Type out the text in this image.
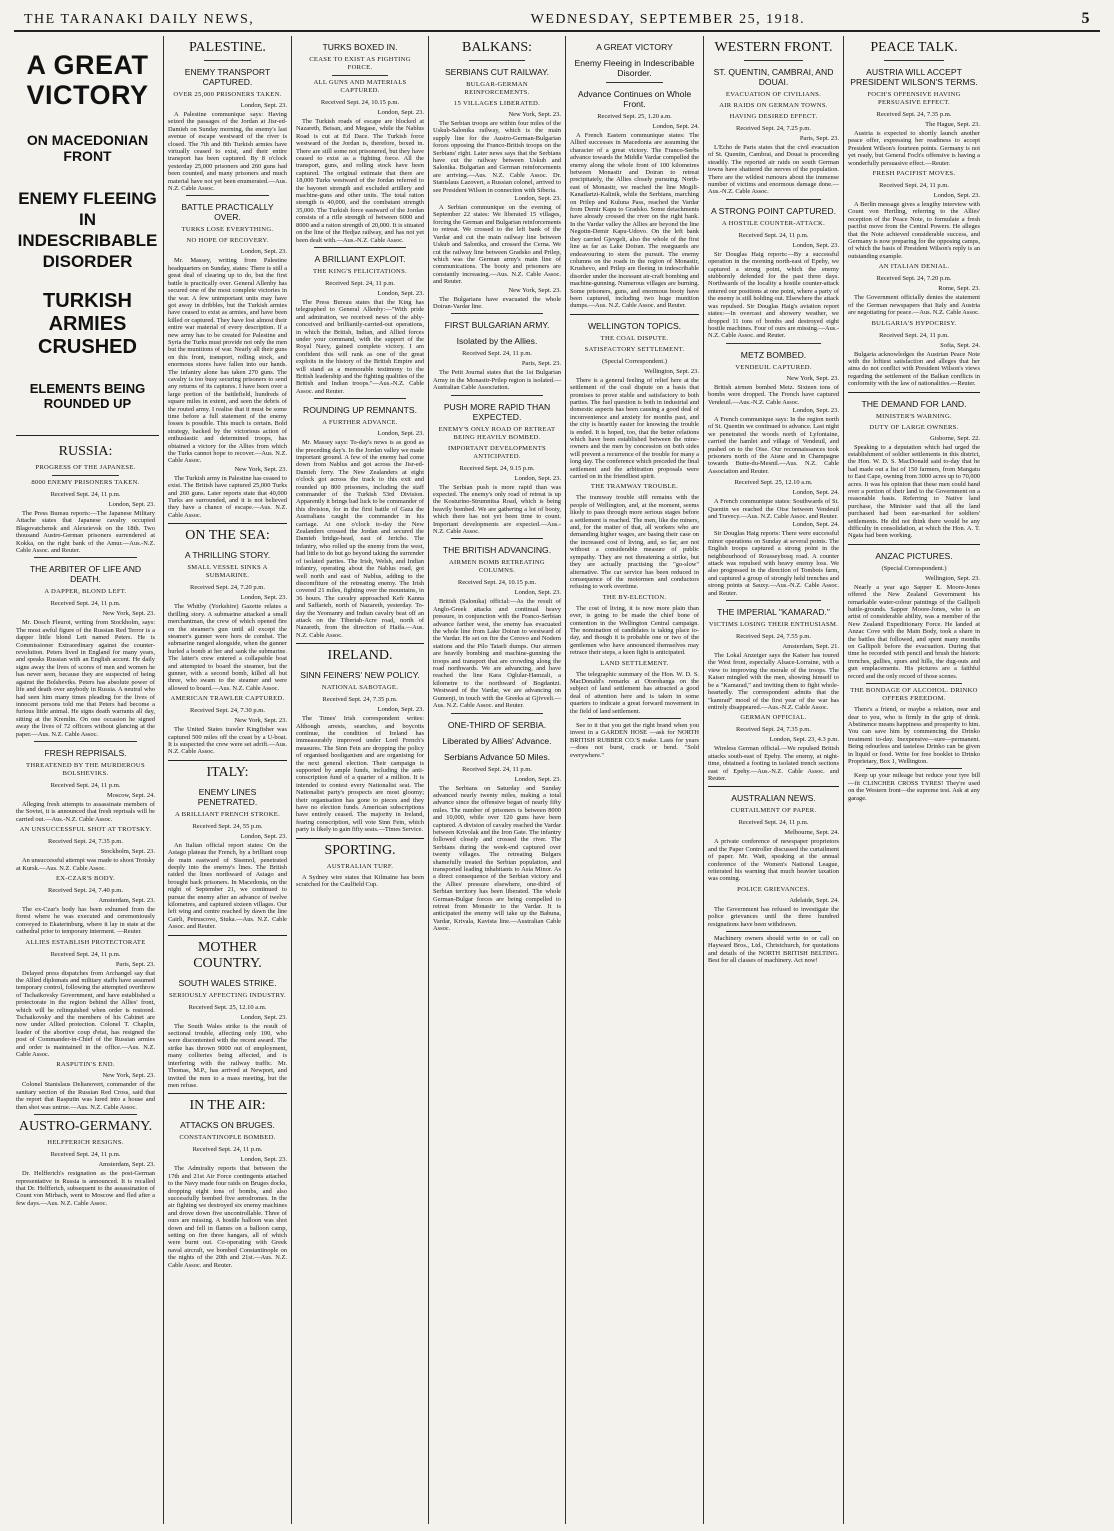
THE TARANAKI DAILY NEWS,	WEDNESDAY, SEPTEMBER 25, 1918.	5
A GREAT VICTORY
ON MACEDONIAN FRONT
ENEMY FLEEING IN INDESCRIBABLE DISORDER
TURKISH ARMIES CRUSHED
ELEMENTS BEING ROUNDED UP
RUSSIA:
PROGRESS OF THE JAPANESE.
8000 ENEMY PRISONERS TAKEN.
Received Sept. 24, 11 p.m.
London, Sept. 23.

The Press Bureau reports:—The Japanese Military Attache states that Japanese cavalry occupied Blagovatchensk and Alexeievsk on the 18th. Two thousand Austro-German prisoners surrendered at Kokka, on the right bank of the Amur.—Aus.-N.Z. Cable Assoc. and Reuter.

THE ARBITER OF LIFE AND DEATH.
A DAPPER, BLOND LEFT.
Received Sept. 24, 11 p.m.
New York, Sept. 23.

Mr. Dosch Fleurot, writing from Stockholm, says: The most awful figure of the Russian Red Terror is a dapper little blond Lett named Peters. He is Commissioner Extraordinary against the counter-revolution. Peters lived in England for many years, and speaks Russian with an English accent. He daily signs away the lives of scores of men and women he has never seen, because they are suspected of being against the Bolsheviks. Peters has absolute power of life and death over anybody in Russia. A neutral who had seen him many times pleading for the lives of innocent persons told me that Peters had become a furious little animal. He signs death warrants all day, sitting at the Kremlin. On one occasion he signed away the lives of 72 officers without glancing at the paper.—Aus. N.Z. Cable Assoc.

FRESH REPRISALS.
THREATENED BY THE MURDEROUS BOLSHEVIKS.
Received Sept. 24, 11 p.m.
Moscow, Sept. 24.

Alleging fresh attempts to assassinate members of the Soviet, it is announced that fresh reprisals will be carried out.—Aus.-N.Z. Cable Assoc.

AN UNSUCCESSFUL SHOT AT TROTSKY.
Received Sept. 24, 7.35 p.m.
Stockholm, Sept. 23.

An unsuccessful attempt was made to shoot Trotsky at Kursk.—Aus. N.Z. Cable Assoc.

EX-CZAR'S BODY.
Received Sept. 24, 7.40 p.m.
Amsterdam, Sept. 23.

The ex-Czar's body has been exhumed from the forest where he was executed and ceremoniously conveyed to Ekaterinburg, where it lay in state at the cathedral prior to temporary interment. —Reuter.

ALLIES ESTABLISH PROTECTORATE
Received Sept. 24, 11 p.m.
Paris, Sept. 23.

Delayed press dispatches from Archangel say that the Allied diplomats and military staffs have assumed temporary control, following the attempted overthrow of Tschaikovsky Government, and have established a protectorate in the region behind the Allies' front, which will be relinquished when order is restored. Tschaikovsky and the members of his Cabinet are now under Allied protection. Colonel T. Chaplin, leader of the abortive coup d'etat, has resigned the post of Commander-in-Chief of the Russian armies and order is maintained in the office.—Aus. N.Z. Cable Assoc.

RASPUTIN'S END.
New York, Sept. 23.

Colonel Stanislaus Deltanovert, commander of the sanitary section of the Russian Red Cross, said that the report that Rasputin was lured into a house and then shot was untrue.—Aus. N.Z. Cable Assoc.

AUSTRO-GERMANY.
HELFFERICH RESIGNS.
Received Sept. 24, 11 p.m.
Amsterdam, Sept. 23.

Dr. Helfferich's resignation as the post-German representative in Russia is announced. It is recalled that Dr. Helfferich, subsequent to the assassination of Count von Mirbach, went to Moscow and fled after a few days.—Aus. N.Z. Cable Assoc.

PALESTINE.
ENEMY TRANSPORT CAPTURED.
OVER 25,000 PRISONERS TAKEN.
London, Sept. 23.

A Palestine communique says: Having seized the passages of the Jordan at Jisr-ed-Damieh on Sunday morning, the enemy's last avenue of escape westward of the river is closed. The 7th and 8th Turkish armies have virtually ceased to exist, and their entire transport has been captured. By 8 o'clock yesterday 25,000 prisoners and 260 guns had been counted, and many prisoners and much material have not yet been enumerated.—Aus. N.Z. Cable Assoc.

BATTLE PRACTICALLY OVER.
TURKS LOSE EVERYTHING.
NO HOPE OF RECOVERY.
London, Sept. 23.

Mr. Massey, writing from Palestine headquarters on Sunday, states: There is still a great deal of clearing up to do, but the first battle is practically over. General Allenby has secured one of the most complete victories in the war. A few unimportant units may have got away in dribbles, but the Turkish armies have ceased to exist as armies, and have been killed or captured. They have lost almost their entire war material of every description. If a new army has to be created for Palestine and Syria the Turks must provide not only the men but the munitions of war. Nearly all their guns on this front, transport, rolling stock, and enormous stores have fallen into our hands. The infantry alone has taken 270 guns. The cavalry is too busy securing prisoners to send any returns of its captures. I have been over a large portion of the battlefield, hundreds of square miles in extent, and seen the debris of the routed army. I realise that it must be some time before a full statement of the enemy losses is possible. This much is certain. Bold strategy, backed by the victorious action of enthusiastic and determined troops, has obtained a victory for the Allies from which the Turks cannot hope to recover.—Aus. N.Z. Cable Assoc.

New York, Sept. 23.

The Turkish army in Palestine has ceased to exist. The British have captured 25,000 Turks and 260 guns. Later reports state that 40,000 Turks are surrounded, and it is not believed they have a chance of escape.—Aus. N.Z. Cable Assoc.

ON THE SEA:
A THRILLING STORY.
SMALL VESSEL SINKS A SUBMARINE.
Received Sept. 24, 7.20 p.m.
London, Sept. 23.

The Whitby (Yorkshire) Gazette relates a thrilling story. A submarine attacked a small merchantman, the crew of which opened fire on the steamer's gun until all except the steamer's gunner were hors de combat. The submarine ranged alongside, when the gunner hurled a bomb at her and sank the submarine. The latter's crew entered a collapsible boat and attempted to board the steamer, but the gunner, with a second bomb, killed all but three, who swam to the steamer and were allowed to board.—Aus. N.Z. Cable Assoc.

AMERICAN TRAWLER CAPTURED.
Received Sept. 24, 7.30 p.m.
New York, Sept. 23.

The United States trawler Kingfisher was captured 500 miles off the coast by a U-boat. It is suspected the crew were set adrift.—Aus. N.Z. Cable Assoc.

ITALY:
ENEMY LINES PENETRATED.
A BRILLIANT FRENCH STROKE.
Received Sept. 24, 55 p.m.
London, Sept. 23.

An Italian official report states: On the Asiago plateau the French, by a brilliant coup de main eastward of Sisemol, penetrated deeply into the enemy's lines. The British raided the lines northward of Asiago and brought back prisoners. In Macedonia, on the night of September 21, we continued to pursue the enemy after an advance of twelve kilometres, and captured sixteen villages. Our left wing and centre reached by dawn the line Cairli, Petruscovo, Stuka.—Aus. N.Z. Cable Assoc. and Reuter.

MOTHER COUNTRY.
SOUTH WALES STRIKE.
SERIOUSLY AFFECTING INDUSTRY.
Received Sept. 25, 12.10 a.m.
London, Sept. 23.

The South Wales strike is the result of sectional trouble, affecting only 100, who were discontented with the recent award. The strike has thrown 9000 out of employment, many collieries being affected, and is interfering with the railway traffic. Mr. Thomas, M.P., has arrived at Newport, and invited the men to a mass meeting, but the men refuse.

IN THE AIR:
ATTACKS ON BRUGES.
CONSTANTINOPLE BOMBED.
Received Sept. 24, 11 p.m.
London, Sept. 23.

The Admiralty reports that between the 17th and 21st Air Force contingents attached to the Navy made four raids on Bruges docks, dropping eight tons of bombs, and also successfully bombed five aerodromes. In the air fighting we destroyed six enemy machines and drove down five uncontrollable. Three of ours are missing. A hostile balloon was shot down and fell in flames on a balloon camp, setting on fire three hangars, all of which were burnt out. Co-operating with Greek naval aircraft, we bombed Constantinople on the nights of the 20th and 21st.—Aus. N.Z. Cable Assoc. and Reuter.

TURKS BOXED IN.
CEASE TO EXIST AS FIGHTING FORCE.
ALL GUNS AND MATERIALS CAPTURED.
Received Sept. 24, 10.15 p.m.
London, Sept. 23.

The Turkish roads of escape are blocked at Nazareth, Beisan, and Megase, while the Nablus Road is cut at Ed Dace. The Turkish force westward of the Jordan is, therefore, boxed in. There are still some not prisonered, but they have ceased to exist as a fighting force. All the transport, guns, and rolling stock have been captured. The original estimate that there are 18,000 Turks westward of the Jordan referred to the bayonet strength and excluded artillery and machine-guns and other units. The total ration strength is 40,000, and the combatant strength 35,000. The Turkish force eastward of the Jordan consists of a rifle strength of between 6000 and 8000 and a ration strength of 20,000. It is situated on the line of the Hedjaz railway, and has not yet been dealt with.—Aus.-N.Z. Cable Assoc.

A BRILLIANT EXPLOIT.
THE KING'S FELICITATIONS.
Received Sept. 24, 11 p.m.
London, Sept. 23.

The Press Bureau states that the King has telegraphed to General Allenby:—"With pride and admiration, we received news of the ably-conceived and brilliantly-carried-out operations, in which the British, Indian, and Allied forces under your command, with the support of the Royal Navy, gained complete victory. I am confident this will rank as one of the great exploits in the history of the British Empire and will stand as a memorable testimony to the British leadership and the fighting qualities of the British and Indian troops."—Aus.-N.Z. Cable Assoc. and Reuter.

ROUNDING UP REMNANTS.
A FURTHER ADVANCE.
London, Sept. 23.

Mr. Massey says: To-day's news is as good as the preceding day's. In the Jordan valley we made important ground. A few of the enemy had come down from Nablus and got across the Jisr-ed-Damieh ferry. The New Zealanders at eight o'clock got across the track to this exit and rounded up 800 prisoners, including the staff commander of the Turkish 53rd Division. Apparently it brings bad luck to be commander of this division, for in the first battle of Gaza the Australians caught the commander in his carriage. At one o'clock to-day the New Zealanders crossed the Jordan and secured the Damieh bridge-head, east of Jericho. The infantry, who rolled up the enemy from the west, had little to do but go beyond taking the surrender of isolated parties. The Irish, Welsh, and Indian infantry, operating about the Nablus road, got well north and east of Nablus, adding to the discomfiture of the retreating enemy. The Irish covered 21 miles, fighting over the mountains, in 36 hours. The cavalry approached Kefr Kanna and Saffarieh, north of Nazareth, yesterday. To-day the Yeomanry and Indian cavalry beat off an attack on the Tiberiah-Acre road, north of Nazareth, from the direction of Haifa.—Aus. N.Z. Cable Assoc.

IRELAND.
SINN FEINERS' NEW POLICY.
NATIONAL SABOTAGE.
Received Sept. 24, 7.35 p.m.
London, Sept. 23.

The Times' Irish correspondent writes: Although arrests, searches, and boycotts continue, the condition of Ireland has immeasurably improved under Lord French's measures. The Sinn Fein are dropping the policy of organised hooliganism and are organising for the next general election. Their campaign is supported by ample funds, including the anti-conscription fund of a quarter of a million. It is intended to contest every Nationalist seat. The Nationalist party's prospects are most gloomy; their organisation has gone to pieces and they have no election funds. American subscriptions have entirely ceased. The majority in Ireland, fearing conscription, will vote Sinn Fein, which party is likely to gain fifty seats.—Times Service.

SPORTING.
AUSTRALIAN TURF.

A Sydney wire states that Kilmaine has been scratched for the Caulfield Cup.

BALKANS:
SERBIANS CUT RAILWAY.
BULGAR-GERMAN REINFORCEMENTS.
15 VILLAGES LIBERATED.
New York, Sept. 23.

The Serbian troops are within four miles of the Uskub-Salonika railway, which is the main supply line for the Austro-German-Bulgarian forces opposing the Franco-British troops on the Serbians' right. Later news says that the Serbians have cut the railway between Uskub and Salonika. Bulgarian and German reinforcements are arriving.—Aus. N.Z. Cable Assoc. Dr. Stanislaus Lazovert, a Russian colonel, arrived to see President Wilson in connection with Siberia.

London, Sept. 23.

A Serbian communique on the evening of September 22 states: We liberated 15 villages, forcing the German and Bulgarian reinforcements to retreat. We crossed to the left bank of the Vardar and cut the main railway line between Uskub and Salonika, and crossed the Cerna. We cut the railway line between Gradsko and Prilep, which was the German army's main line of communications. The booty and prisoners are constantly increasing.—Aus. N.Z. Cable Assoc. and Reuter.

New York, Sept. 23.

The Bulgarians have evacuated the whole Doiran-Vardar line.

FIRST BULGARIAN ARMY.
Isolated by the Allies.
Received Sept. 24, 11 p.m.
Paris, Sept. 23.

The Petit Journal states that the 1st Bulgarian Army in the Monastir-Prilep region is isolated.—Australian Cable Association.

PUSH MORE RAPID THAN EXPECTED.
ENEMY'S ONLY ROAD OF RETREAT BEING HEAVILY BOMBED.
IMPORTANT DEVELOPMENTS ANTICIPATED.
Received Sept. 24, 9.15 p.m.
London, Sept. 23.

The Serbian push is more rapid than was expected. The enemy's only road of retreat is up the Kosturino-Strumnitsa Road, which is being heavily bombed. We are gathering a lot of booty, which there has not yet been time to count. Important developments are expected.—Aus.-N.Z. Cable Assoc.

THE BRITISH ADVANCING.
AIRMEN BOMB RETREATING COLUMNS.
Received Sept. 24, 10.15 p.m.
London, Sept. 23.

British (Salonika) official:—As the result of Anglo-Greek attacks and continual heavy pressure, in conjunction with the Franco-Serbian advance farther west, the enemy has evacuated the whole line from Lake Doiran to westward of the Vardar. He set on fire the Cerovo and Nodern stations and the Pilo Tatarli dumps. Our airmen are heavily bombing and machine-gunning the troops and transport that are crowding along the road northwards. We are advancing, and have reached the line Kara Oglular-Hamzali, a kilometre to the northward of Bogdantzi. Westward of the Vardar, we are advancing on Gumenji, in touch with the Greeks at Gjivveli.—Aus. N.Z. Cable Assoc. and Reuter.

ONE-THIRD OF SERBIA.
Liberated by Allies' Advance.
Serbians Advance 50 Miles.
Received Sept. 24, 11 p.m.
London, Sept. 23.

The Serbians on Saturday and Sunday advanced nearly twenty miles, making a total advance since the offensive began of nearly fifty miles. The number of prisoners is between 8000 and 10,000, while over 120 guns have been captured. A division of cavalry reached the Vardar between Krivolak and the Iron Gate. The infantry followed closely and crossed the river. The Serbians during the week-end captured over twenty villages. The retreating Bulgars shamefully treated the Serbian population, and transported leading inhabitants to Asia Minor. As a direct consequence of the Serbian victory and the Allies' pressure elsewhere, one-third of Serbian territory has been liberated. The whole German-Bulgar forces are being compelled to retreat from Monastir to the Vardar. It is anticipated the enemy will take up the Babuna, Vardar, Krivala, Kavista line.—Australian Cable Assoc.

A GREAT VICTORY
Enemy Fleeing in Indescribable Disorder.
Advance Continues on Whole Front.
Received Sept. 25, 1.20 a.m.
London, Sept. 24.

A French Eastern communique states: The Allied successes in Macedonia are assuming the character of a great victory. The Franco-Serbs advance towards the Middle Vardar compelled the enemy along the whole front of 100 kilometres between Monastir and Doiran to retreat precipitately, the Allies closely pursuing. North-east of Monastir, we reached the line Mogili-Kanatlartzi-Kalinik, while the Serbians, marching on Prilep and Kuluna Pass, reached the Vardar from Demir Kapu to Gradsko. Some detachments have already crossed the river on the right bank. In the Vardar valley the Allies are beyond the line Negotin-Demir Kapu-Udovo. On the left bank they carried Gjevgeli, also the whole of the first line as far as Lake Doiran. The rearguards are endeavouring to stem the pursuit. The enemy columns on the roads in the region of Monastir, Krushevo, and Prilep are fleeing in indescribable disorder under the incessant air-craft bombing and machine-gunning. Numerous villages are burning. Some prisoners, guns, and enormous booty have been captured, including two huge munition dumps.—Aus. N.Z. Cable Assoc. and Reuter.

WELLINGTON TOPICS.
THE COAL DISPUTE.
SATISFACTORY SETTLEMENT.
(Special Correspondent.)
Wellington, Sept. 23.

There is a general feeling of relief here at the settlement of the coal dispute on a basis that promises to prove stable and satisfactory to both parties. The fuel question is both in industrial and domestic aspects has been causing a good deal of inconvenience and anxiety for months past, and the city is heartily easier for knowing the trouble is ended. It is hoped, too, that the better relations which have been established between the mine-owners and the men by concession on both sides will prevent a recurrence of the trouble for many a long day. The conference which preceded the final settlement and the arbitration proposals were carried on in the friendliest spirit.

THE TRAMWAY TROUBLE.

The tramway trouble still remains with the people of Wellington, and, at the moment, seems likely to pass through more serious stages before a settlement is reached. The men, like the miners, and, for the matter of that, all workers who are demanding higher wages, are basing their case on the increased cost of living, and, so far, are not without a considerable measure of public sympathy. They are not threatening a strike, but they are actually practising the "go-slow" alternative. The car service has been reduced in consequence of the motormen and conductors refusing to work overtime.

THE BY-ELECTION.

The cost of living, it is now more plain than ever, is going to be made the chief bone of contention in the Wellington Central campaign. The nomination of candidates is taking place to-day, and though it is probable one or two of the gentlemen who have announced themselves may retrace their steps, a keen fight is anticipated.

LAND SETTLEMENT.

The telegraphic summary of the Hon. W. D. S. MacDonald's remarks at Otorohanga on the subject of land settlement has attracted a good deal of attention here and is taken in some quarters to indicate a great forward movement in the field of land settlement.

See to it that you get the right brand when you invest in a GARDEN HOSE —ask for NORTH BRITISH RUBBER CO.'S make. Lasts for years—does not burst, crack or bend. "Sold everywhere."

WESTERN FRONT.
ST. QUENTIN, CAMBRAI, AND DOUAI.
EVACUATION OF CIVILIANS.
AIR RAIDS ON GERMAN TOWNS.
HAVING DESIRED EFFECT.
Received Sept. 24, 7.25 p.m.
Paris, Sept. 23.

L'Echo de Paris states that the civil evacuation of St. Quentin, Cambrai, and Douai is proceeding steadily. The reported air raids on south German towns have shattered the nerves of the population. There are the wildest rumours about the immense number of victims and enormous damage done.—Aus.-N.Z. Cable Assoc.

A STRONG POINT CAPTURED.
A HOSTILE COUNTER-ATTACK.
Received Sept. 24, 11 p.m.
London, Sept. 23.

Sir Douglas Haig reports:—By a successful operation in the morning north-east of Epehy, we captured a strong point, which the enemy stubbornly defended for the past three days. Northwards of the locality a hostile counter-attack entered our positions at one point, where a party of the enemy is still holding out. Elsewhere the attack was repulsed. Sir Douglas Haig's aviation report states:—In overcast and showery weather, we dropped 11 tons of bombs and destroyed eight hostile machines. Four of ours are missing.—Aus.-N.Z. Cable Assoc. and Reuter.

METZ BOMBED.
VENDEUIL CAPTURED.
New York, Sept. 23.

British airmen bombed Metz. Sixteen tons of bombs were dropped. The French have captured Vendeuil.—Aus.-N.Z. Cable Assoc.

London, Sept. 23.

A French communique says: In the region north of St. Quentin we continued to advance. Last night we penetrated the woods north of Lyfontaine, carried the hamlet and village of Vendeuil, and pushed on to the Oise. Our reconnaissances took prisoners north of the Aisne and in Champagne towards Butte-du-Mesnil.—Aus. N.Z. Cable Association and Reuter.

Received Sept. 25, 12.10 a.m.
London, Sept. 24.

A French communique states: Southwards of St. Quentin we reached the Oise between Vendeuil and Travecy.—Aus. N.Z. Cable Assoc. and Reuter.

London, Sept. 24.

Sir Douglas Haig reports: There were successful minor operations on Sunday at several points. The English troops captured a strong point in the neighbourhood of Rousseybosq road. A counter attack was repulsed with heavy enemy loss. We also progressed in the direction of Tombois farm, and captured a group of strongly held trenches and strong points at Sauxy.—Aus.-N.Z. Cable Assoc. and Reuter.

THE IMPERIAL "KAMARAD."
VICTIMS LOSING THEIR ENTHUSIASM.
Received Sept. 24, 7.55 p.m.
Amsterdam, Sept. 21.

The Lokal Anzeiger says the Kaiser has toured the West front, especially Alsace-Lorraine, with a view to improving the morale of the troops. The Kaiser mingled with the men, showing himself to be a "Kamarad," and inviting them to fight whole-heartedly. The correspondent admits that the "kamrad" mood of the first year of the war has entirely disappeared.—Aus.-N.Z. Cable Assoc.

GERMAN OFFICIAL.
Received Sept. 24, 7.35 p.m.
London, Sept. 23, 4.3 p.m.

Wireless German official.—We repulsed British attacks south-east of Epehy. The enemy, at night-time, obtained a footing in isolated trench sections east of Epehy.—Aus.-N.Z. Cable Assoc. and Reuter.

AUSTRALIAN NEWS.
CURTAILMENT OF PAPER.
Received Sept. 24, 11 p.m.
Melbourne, Sept. 24.

A private conference of newspaper proprietors and the Paper Controller discussed the curtailment of paper. Mr. Watt, speaking at the annual conference of the Women's National League, reiterated his warning that much heavier taxation was coming.

POLICE GRIEVANCES.
Adelaide, Sept. 24.

The Government has refused to investigate the police grievances until the three hundred resignations have been withdrawn.

Machinery owners should write to or call on Hayward Bros., Ltd., Christchurch, for quotations and details of the NORTH BRITISH BELTING. Best for all classes of machinery. Act now!

PEACE TALK.
AUSTRIA WILL ACCEPT PRESIDENT WILSON'S TERMS.
FOCH'S OFFENSIVE HAVING PERSUASIVE EFFECT.
Received Sept. 24, 7.35 p.m.
The Hague, Sept. 23.

Austria is expected to shortly launch another peace offer, expressing her readiness to accept President Wilson's fourteen points. Germany is not yet ready, but General Foch's offensive is having a wonderfully persuasive effect.—Reuter.

FRESH PACIFIST MOVES.
Received Sept. 24, 11 p.m.
London, Sept. 23.

A Berlin message gives a lengthy interview with Count von Hertling, referring to the Allies' reception of the Peace Note, to formulate a fresh pacifist move from the Central Powers. He alleges that the Note achieved considerable success, and Germany is now preparing for the opposing camps, of which the basis of President Wilson's reply is an outstanding example.

AN ITALIAN DENIAL.
Received Sept. 24, 7.20 p.m.
Rome, Sept. 23.

The Government officially denies the statement of the German newspapers that Italy and Austria are negotiating for peace.—Aus. N.Z. Cable Assoc.

BULGARIA'S HYPOCRISY.
Received Sept. 24, 11 p.m.
Sofia, Sept. 24.

Bulgaria acknowledges the Austrian Peace Note with the loftiest satisfaction and alleges that her aims do not conflict with President Wilson's views regarding the settlement of the Balkan conflicts in conformity with the law of nationalities.—Reuter.

THE DEMAND FOR LAND.
MINISTER'S WARNING.
DUTY OF LARGE OWNERS.
Gisborne, Sept. 22.

Speaking to a deputation which had urged the establishment of soldier settlements in this district, the Hon. W. D. S. MacDonald said to-day that he had made out a list of 150 farmers, from Mangatu to East Cape, owning from 3000 acres up to 70,000 acres. It was his opinion that these men could hand over a portion of their land to the Government on a reasonable basis. Referring to Native land purchase, the Minister said that all the land purchased had been ear-marked for soldiers' settlements. He did not think there would be any difficulty in consolidation, at which the Hon. A. T. Ngata had been working.

ANZAC PICTURES.
(Special Correspondent.)
Wellington, Sept. 23.

Nearly a year ago Sapper E. Moore-Jones offered the New Zealand Government his remarkable water-colour paintings of the Gallipoli battle-grounds. Sapper Moore-Jones, who is an artist of considerable ability, was a member of the New Zealand Expeditionary Force. He landed at Anzac Cove with the Main Body, took a share in the battles that followed, and spent many months on Gallipoli before the evacuation. During that time he recorded with pencil and brush the historic trenches, gullies, spurs and hills, the dug-outs and gun emplacements. His pictures are a faithful record and the only record of those scenes.

THE BONDAGE OF ALCOHOL. DRINKO OFFERS FREEDOM.

There's a friend, or maybe a relation, near and dear to you, who is firmly in the grip of drink. Abstinence means happiness and prosperity to him. You can save him by commencing the Drinko treatment to-day. Inexpensive—sure—permanent. Being odourless and tasteless Drinko can be given in liquid or food. Write for free booklet to Drinko Proprietary, Box 1, Wellington.

Keep up your mileage but reduce your tyre bill—fit CLINCHER CROSS TYRES! They're used on the Western front—the supreme test. Ask at any garage.
